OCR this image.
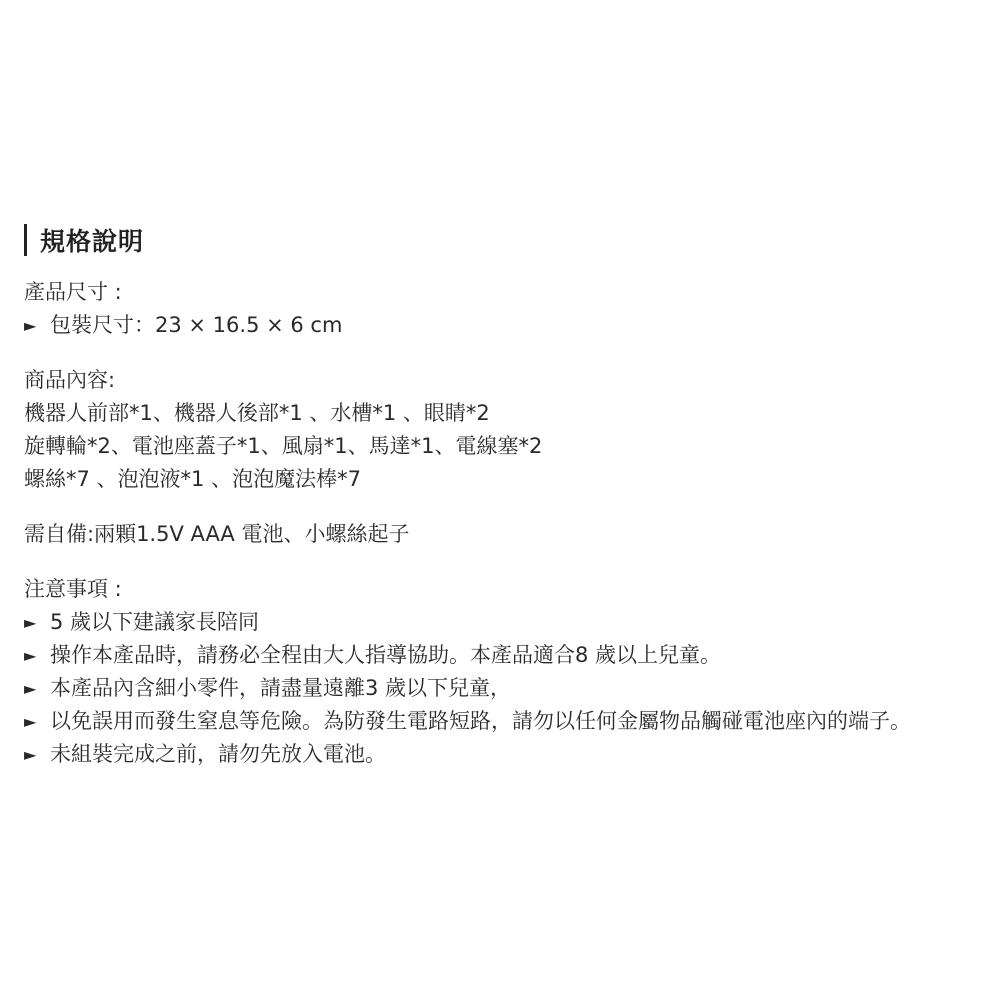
規格說明
產品尺寸 :
► 包裝尺寸：23 × 16.5 × 6 cm
商品內容:
機器人前部*1、機器人後部*1 、水槽*1 、眼睛*2
旋轉輪*2、電池座蓋子*1、風扇*1、馬達*1、電線塞*2
螺絲*7 、泡泡液*1 、泡泡魔法棒*7
需自備:兩顆1.5V AAA 電池、小螺絲起子
注意事項 :
► 5 歲以下建議家長陪同
► 操作本產品時，請務必全程由大人指導協助。本產品適合8 歲以上兒童。
► 本產品內含細小零件，請盡量遠離3 歲以下兒童，
► 以免誤用而發生窒息等危險。為防發生電路短路，請勿以任何金屬物品觸碰電池座內的端子。
► 未組裝完成之前，請勿先放入電池。
